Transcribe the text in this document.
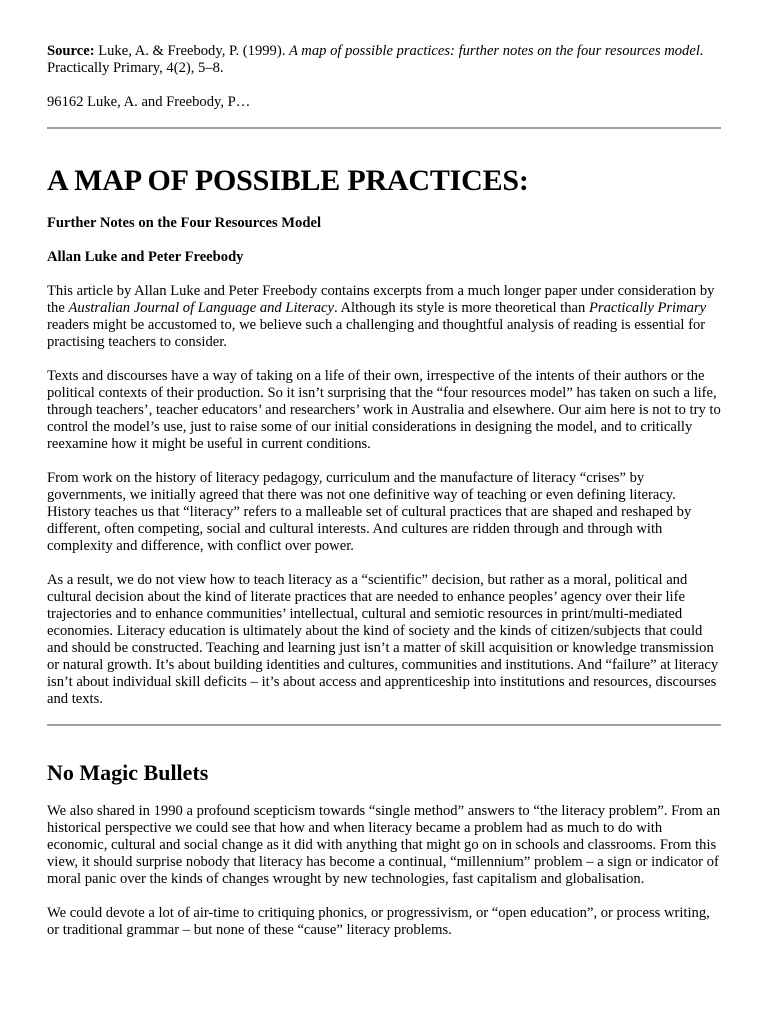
Source: Luke, A. & Freebody, P. (1999). A map of possible practices: further notes on the four resources model. Practically Primary, 4(2), 5–8.

96162 Luke, A. and Freebody, P…

A MAP OF POSSIBLE PRACTICES:
Further Notes on the Four Resources Model
Allan Luke and Peter Freebody

This article by Allan Luke and Peter Freebody contains excerpts from a much longer paper under consideration by the Australian Journal of Language and Literacy. Although its style is more theoretical than Practically Primary readers might be accustomed to, we believe such a challenging and thoughtful analysis of reading is essential for practising teachers to consider.

Texts and discourses have a way of taking on a life of their own, irrespective of the intents of their authors or the political contexts of their production. So it isn’t surprising that the “four resources model” has taken on such a life, through teachers’, teacher educators’ and researchers’ work in Australia and elsewhere. Our aim here is not to try to control the model’s use, just to raise some of our initial considerations in designing the model, and to critically reexamine how it might be useful in current conditions.

From work on the history of literacy pedagogy, curriculum and the manufacture of literacy “crises” by governments, we initially agreed that there was not one definitive way of teaching or even defining literacy. History teaches us that “literacy” refers to a malleable set of cultural practices that are shaped and reshaped by different, often competing, social and cultural interests. And cultures are ridden through and through with complexity and difference, with conflict over power.

As a result, we do not view how to teach literacy as a “scientific” decision, but rather as a moral, political and cultural decision about the kind of literate practices that are needed to enhance peoples’ agency over their life trajectories and to enhance communities’ intellectual, cultural and semiotic resources in print/multi-mediated economies. Literacy education is ultimately about the kind of society and the kinds of citizen/subjects that could and should be constructed. Teaching and learning just isn’t a matter of skill acquisition or knowledge transmission or natural growth. It’s about building identities and cultures, communities and institutions. And “failure” at literacy isn’t about individual skill deficits – it’s about access and apprenticeship into institutions and resources, discourses and texts.

No Magic Bullets

We also shared in 1990 a profound scepticism towards “single method” answers to “the literacy problem”. From an historical perspective we could see that how and when literacy became a problem had as much to do with economic, cultural and social change as it did with anything that might go on in schools and classrooms. From this view, it should surprise nobody that literacy has become a continual, “millennium” problem – a sign or indicator of moral panic over the kinds of changes wrought by new technologies, fast capitalism and globalisation.

We could devote a lot of air-time to critiquing phonics, or progressivism, or “open education”, or process writing, or traditional grammar – but none of these “cause” literacy problems.
